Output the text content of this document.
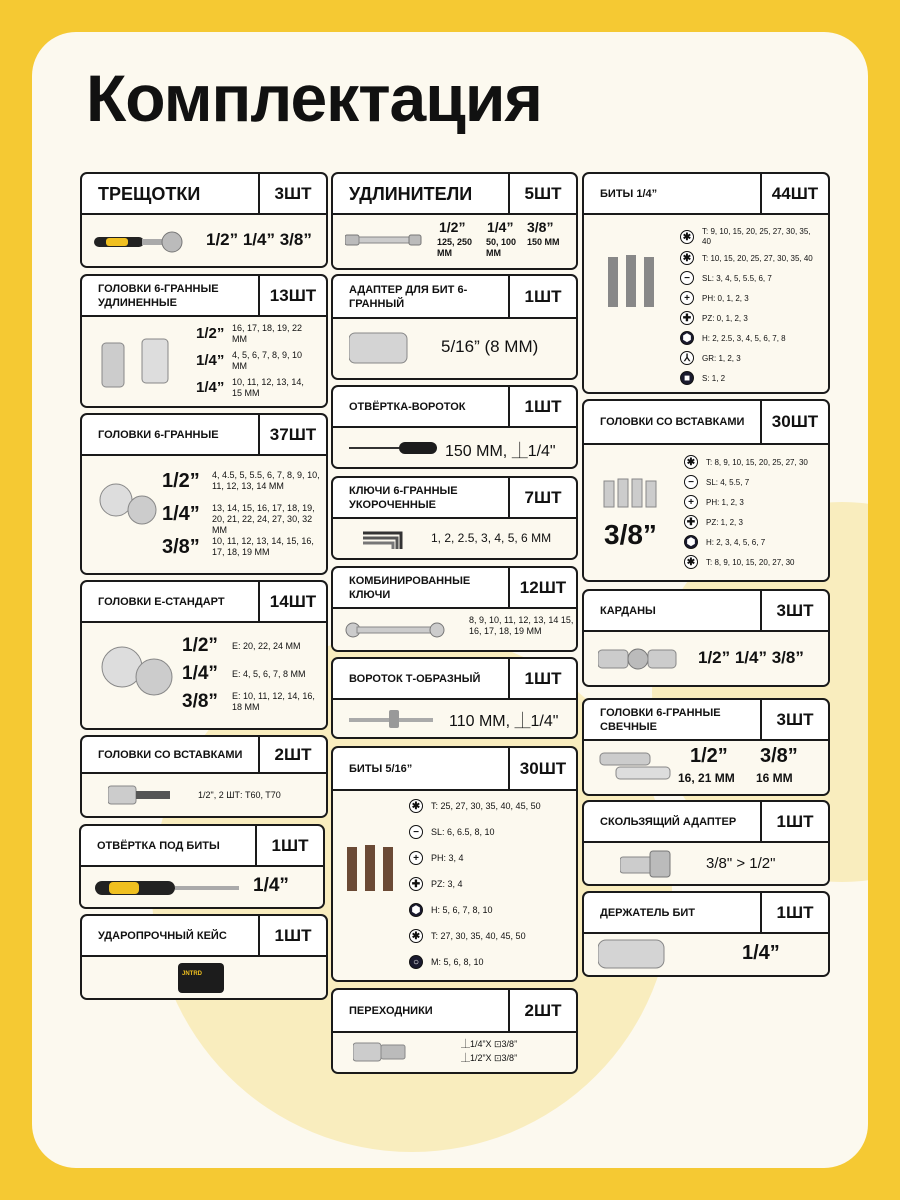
Комплектация
ТРЕЩОТКИ	3ШТ
1/2” 1/4” 3/8”
ГОЛОВКИ 6-ГРАННЫЕ УДЛИНЕННЫЕ	13ШТ
1/2” 16, 17, 18, 19, 22 ММ
1/4” 4, 5, 6, 7, 8, 9, 10 ММ
1/4” 10, 11, 12, 13, 14, 15 ММ
ГОЛОВКИ 6-ГРАННЫЕ	37ШТ
1/2” 4, 4.5, 5, 5.5, 6, 7, 8, 9, 10, 11, 12, 13, 14 ММ
1/4” 13, 14, 15, 16, 17, 18, 19, 20, 21, 22, 24, 27, 30, 32 ММ
3/8” 10, 11, 12, 13, 14, 15, 16, 17, 18, 19 ММ
ГОЛОВКИ Е-СТАНДАРТ	14ШТ
1/2” E: 20, 22, 24 ММ
1/4” E: 4, 5, 6, 7, 8 ММ
3/8” E: 10, 11, 12, 14, 16, 18 ММ
ГОЛОВКИ СО ВСТАВКАМИ	2ШТ
1/2", 2 ШТ: T60, T70
ОТВЁРТКА ПОД БИТЫ	1ШТ
1/4”
УДАРОПРОЧНЫЙ КЕЙС	1ШТ
JNTRD
УДЛИНИТЕЛИ	5ШТ
1/2”
125, 250 ММ
1/4”
50, 100 ММ
3/8”
150 ММ
АДАПТЕР ДЛЯ БИТ 6-ГРАННЫЙ	1ШТ
5/16” (8 ММ)
ОТВЁРТКА-ВОРОТОК	1ШТ
150 ММ, ⏊1/4"
КЛЮЧИ 6-ГРАННЫЕ УКОРОЧЕННЫЕ	7ШТ
1, 2, 2.5, 3, 4, 5, 6 ММ
КОМБИНИРОВАННЫЕ КЛЮЧИ	12ШТ
8, 9, 10, 11, 12, 13, 14 15, 16, 17, 18, 19 ММ
ВОРОТОК Т-ОБРАЗНЫЙ	1ШТ
110 ММ, ⏊1/4"
БИТЫ 5/16”	30ШТ
✱	T: 25, 27, 30, 35, 40, 45, 50
−	SL: 6, 6.5, 8, 10
+	PH: 3, 4
✚	PZ: 3, 4
⬢ H: 5, 6, 7, 8, 10
✱	T: 27, 30, 35, 40, 45, 50
○	M: 5, 6, 8, 10
ПЕРЕХОДНИКИ	2ШТ
⏊1/4”X ⊡3/8”
⏊1/2”X ⊡3/8”
БИТЫ 1/4”	44ШТ
✱	T: 9, 10, 15, 20, 25, 27, 30, 35, 40
✱	T: 10, 15, 20, 25, 27, 30, 35, 40
−	SL: 3, 4, 5, 5.5, 6, 7
+	PH: 0, 1, 2, 3
✚	PZ: 0, 1, 2, 3
⬢	H: 2, 2.5, 3, 4, 5, 6, 7, 8
⅄	GR: 1, 2, 3
■	S: 1, 2
ГОЛОВКИ СО ВСТАВКАМИ	30ШТ
3/8”
✱	T: 8, 9, 10, 15, 20, 25, 27, 30
−	SL: 4, 5.5, 7
+	PH: 1, 2, 3
✚	PZ: 1, 2, 3
⬢	H: 2, 3, 4, 5, 6, 7
✱	T: 8, 9, 10, 15, 20, 27, 30
КАРДАНЫ	3ШТ
1/2” 1/4” 3/8”
ГОЛОВКИ 6-ГРАННЫЕ СВЕЧНЫЕ	3ШТ
1/2”
16, 21 ММ
3/8”
16 ММ
СКОЛЬЗЯЩИЙ АДАПТЕР	1ШТ
3/8" > 1/2"
ДЕРЖАТЕЛЬ БИТ	1ШТ
1/4”
